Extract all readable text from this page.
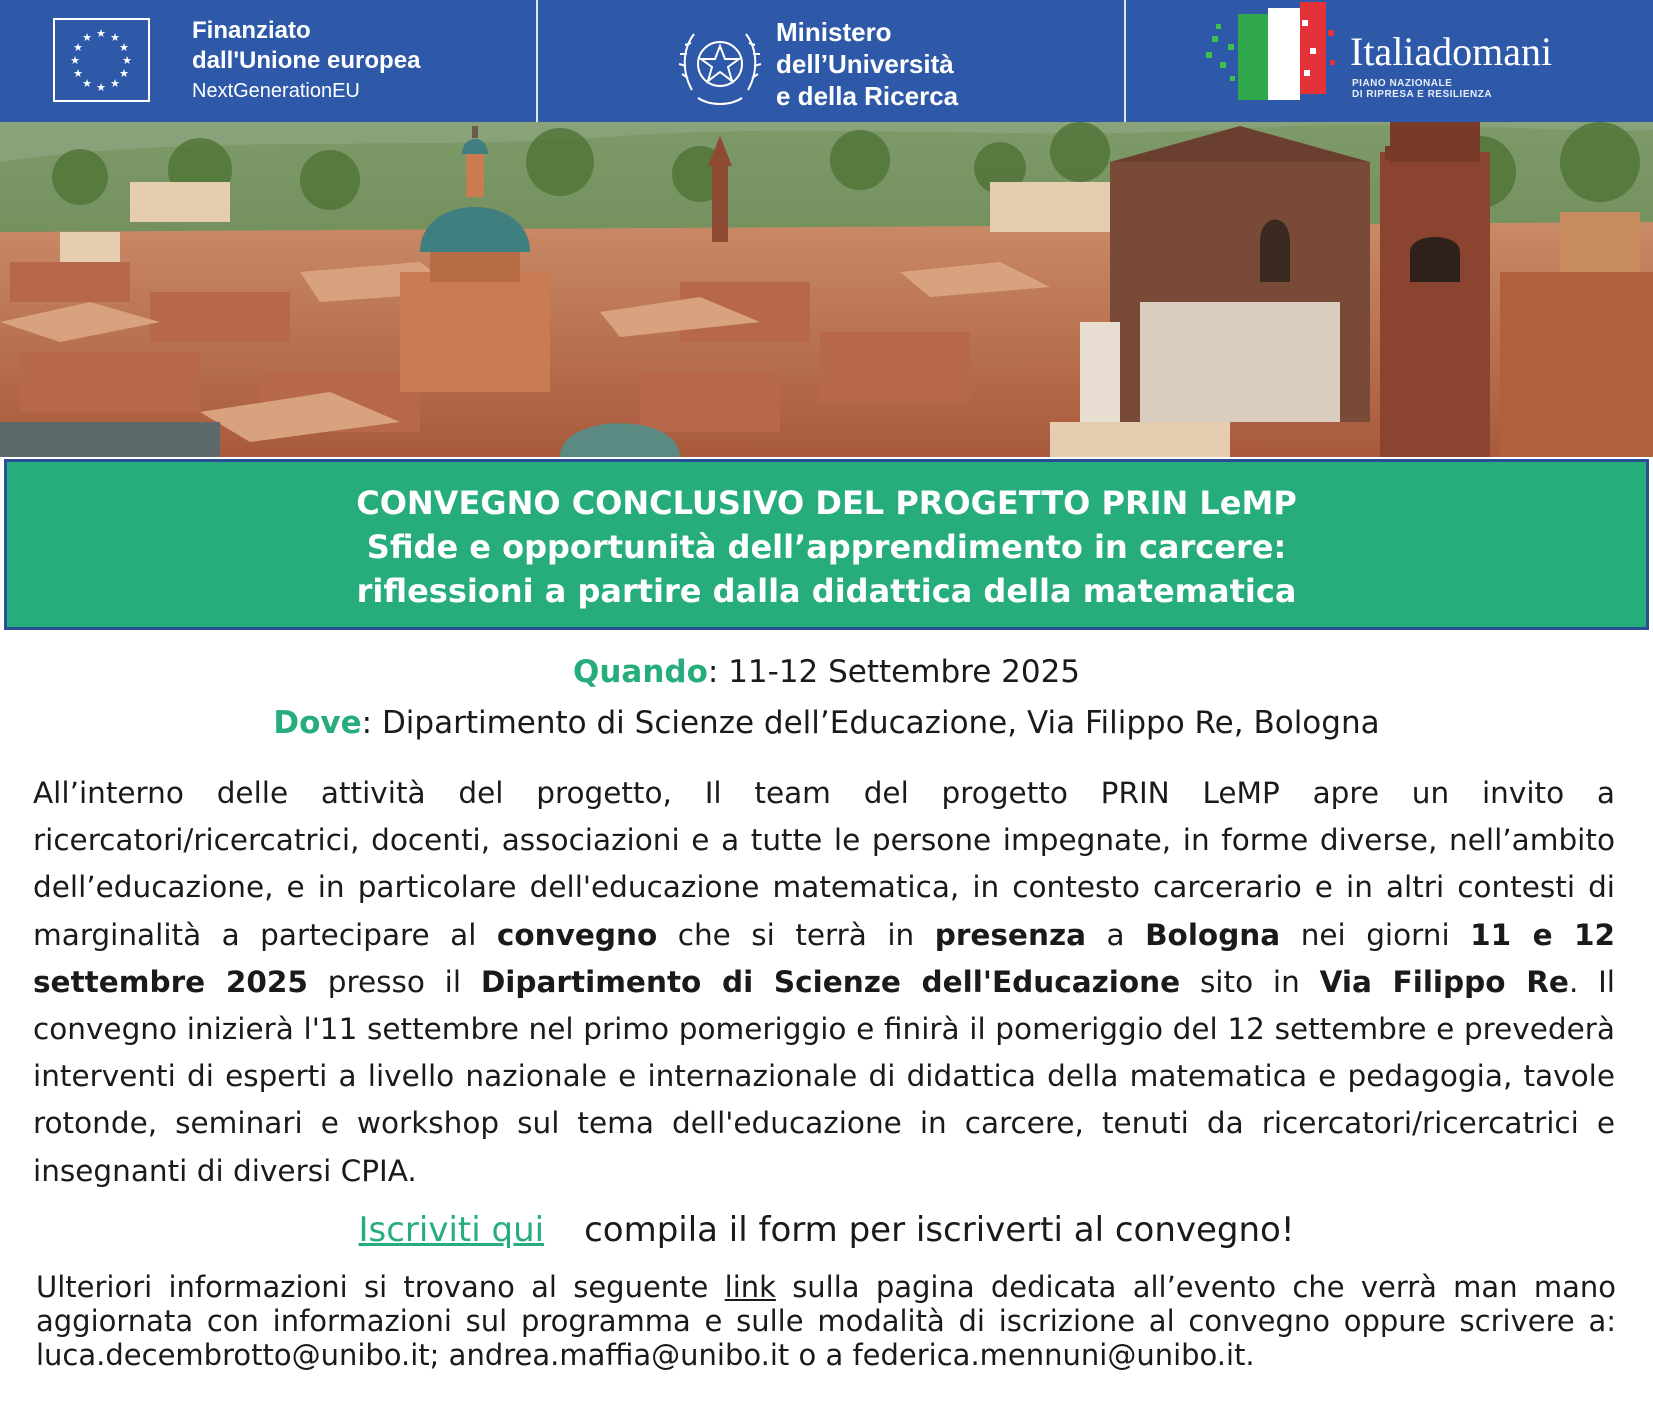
★ ★
★
★
★
★
★
★
★
★
★
★	Finanziato
dall'Unione europea
NextGenerationEU
Ministero
dell’Università
e della Ricerca
Italiadomani
PIANO NAZIONALE
DI RIPRESA E RESILIENZA
CONVEGNO CONCLUSIVO DEL PROGETTO PRIN LeMP
Sfide e opportunità dell’apprendimento in carcere:
riflessioni a partire dalla didattica della matematica
Quando: 11-12 Settembre 2025
Dove: Dipartimento di Scienze dell’Educazione, Via Filippo Re, Bologna
All’interno delle attività del progetto, Il team del progetto PRIN LeMP apre un invito a ricercatori/ricercatrici, docenti, associazioni e a tutte le persone impegnate, in forme diverse, nell’ambito dell’educazione, e in particolare dell'educazione matematica, in contesto carcerario e in altri contesti di marginalità a partecipare al convegno che si terrà in presenza a Bologna nei giorni 11 e 12 settembre 2025 presso il Dipartimento di Scienze dell'Educazione sito in Via Filippo Re. Il convegno inizierà l'11 settembre nel primo pomeriggio e finirà il pomeriggio del 12 settembre e prevederà interventi di esperti a livello nazionale e internazionale di didattica della matematica e pedagogia, tavole rotonde, seminari e workshop sul tema dell'educazione in carcere, tenuti da ricercatori/ricercatrici e insegnanti di diversi CPIA.
Iscriviti qui compila il form per iscriverti al convegno!
Ulteriori informazioni si trovano al seguente link sulla pagina dedicata all’evento che verrà man mano aggiornata con informazioni sul programma e sulle modalità di iscrizione al convegno oppure scrivere a: luca.decembrotto@unibo.it; andrea.maffia@unibo.it o a federica.mennuni@unibo.it.
